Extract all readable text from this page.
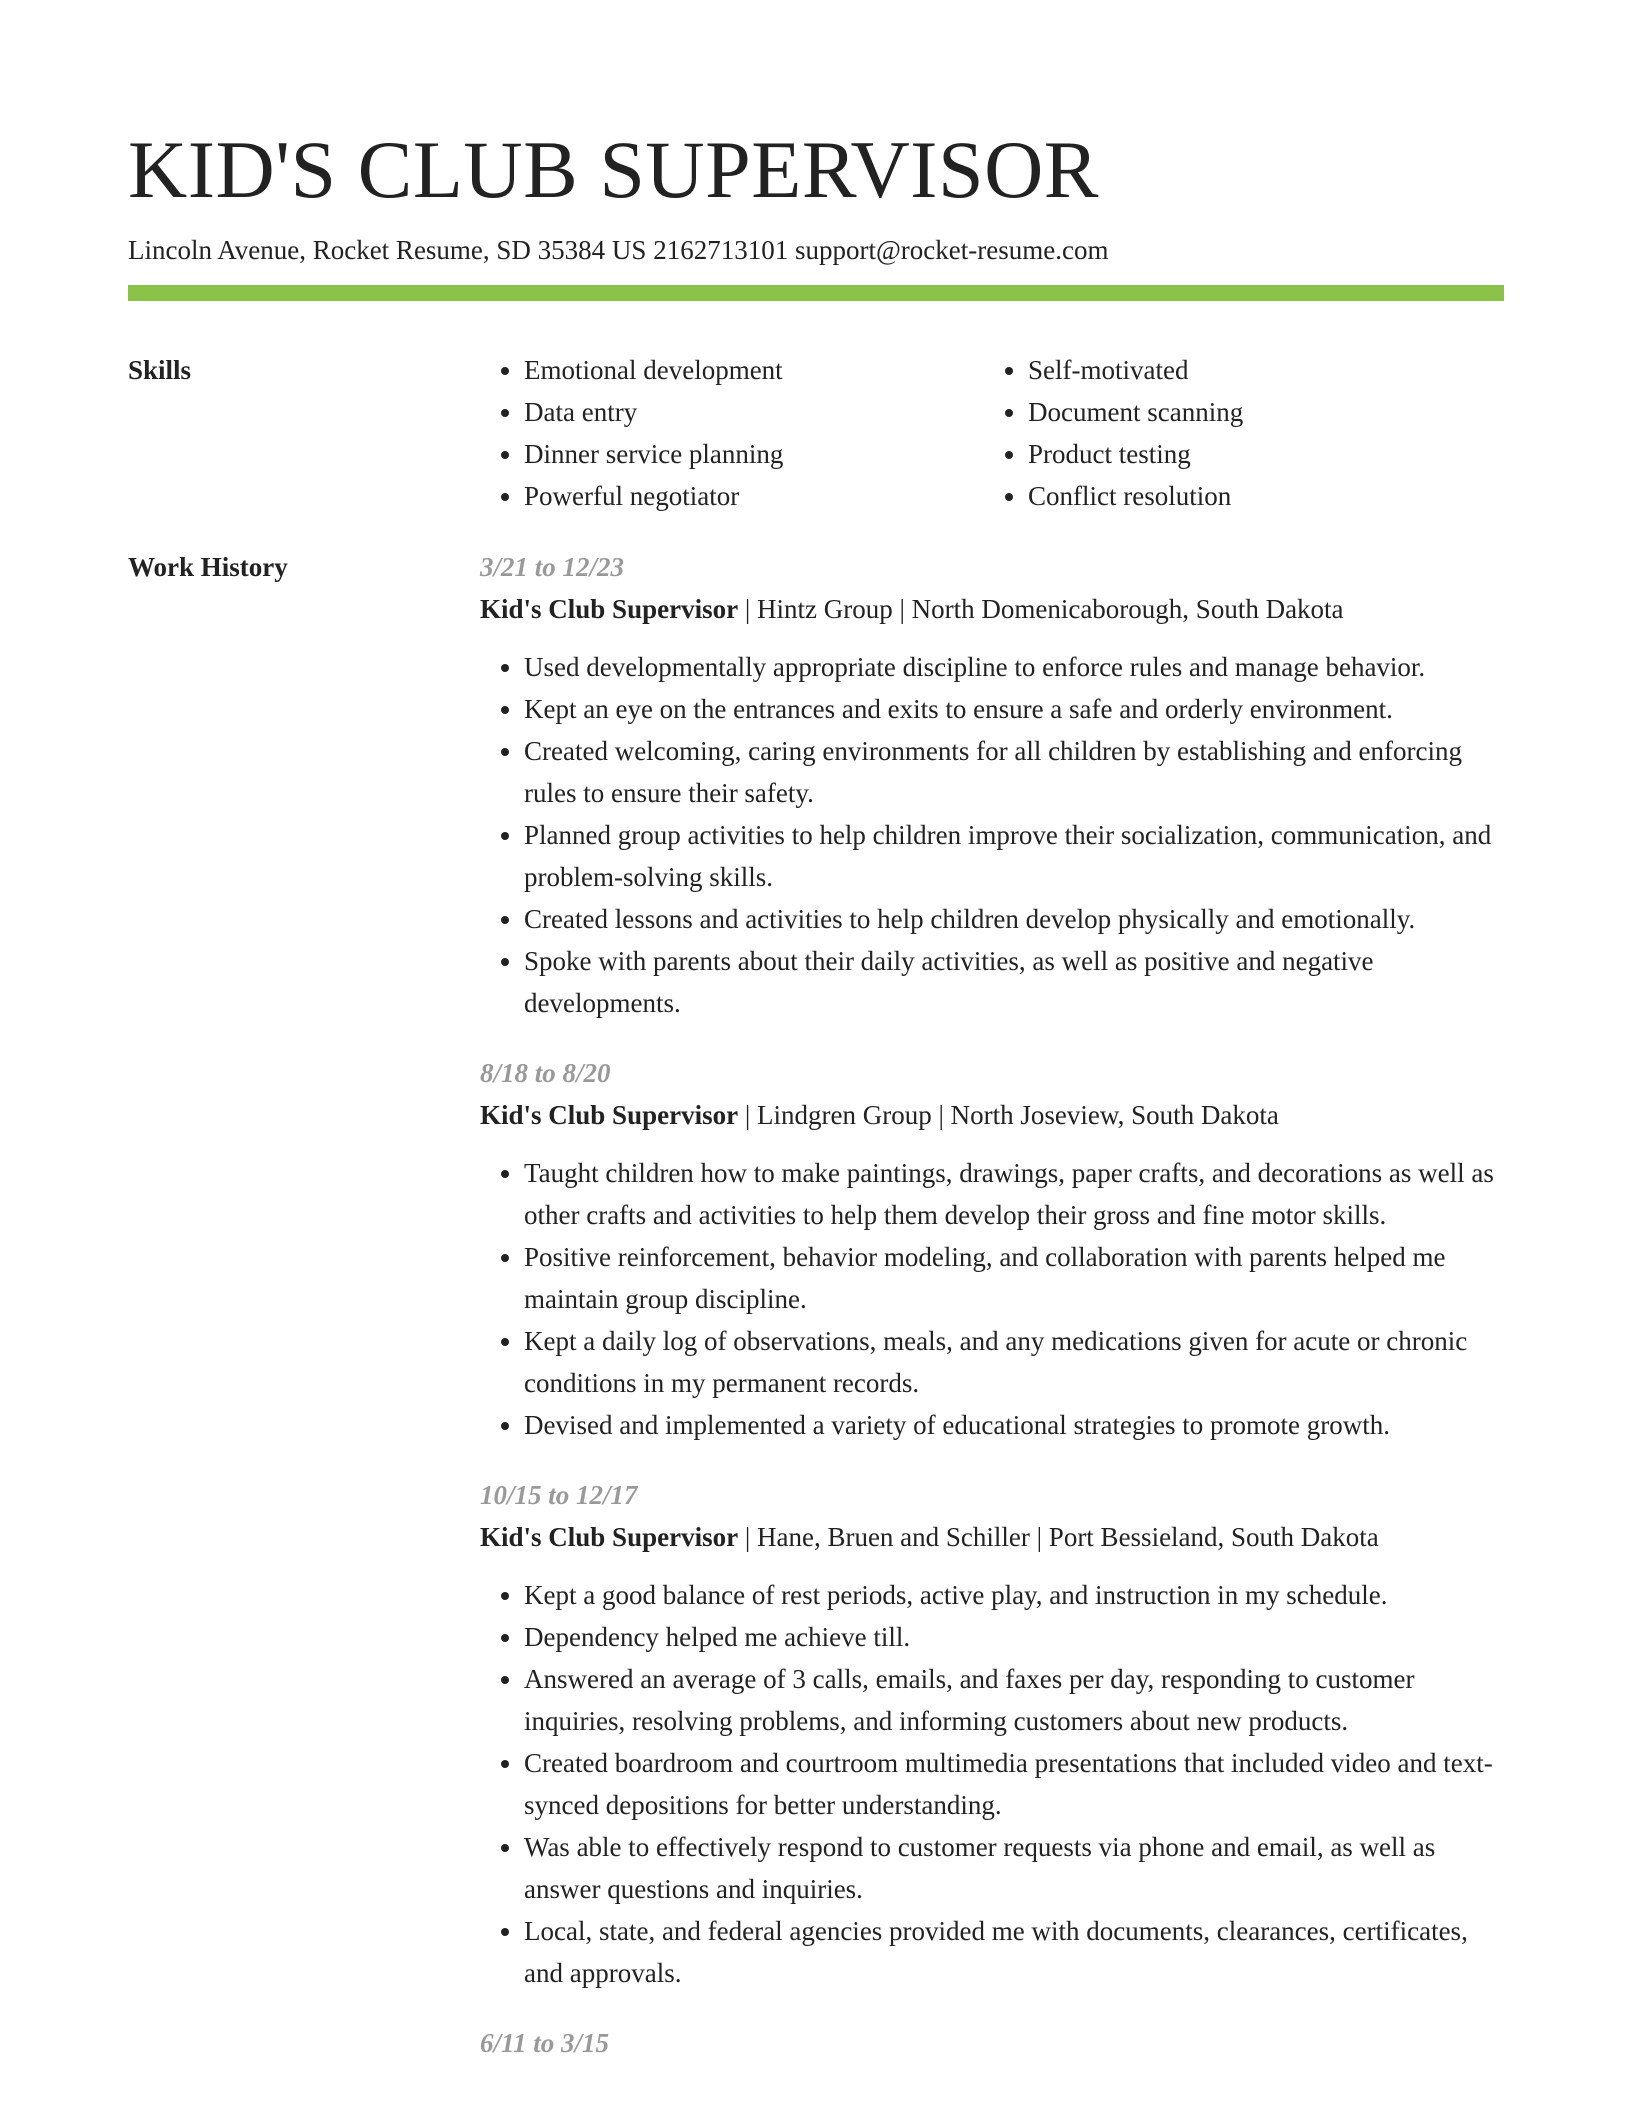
KID'S CLUB SUPERVISOR
Lincoln Avenue, Rocket Resume, SD 35384 US 2162713101 support@rocket-resume.com
Skills
•	Emotional development
• Data entry
• Dinner service planning
• Powerful negotiator
• Self-motivated
• Document scanning
• Product testing
• Conflict resolution
Work History	3/21 to 12/23
Kid's Club Supervisor | Hintz Group | North Domenicaborough, South Dakota
• Used developmentally appropriate discipline to enforce rules and manage behavior.
• Kept an eye on the entrances and exits to ensure a safe and orderly environment.
• Created welcoming, caring environments for all children by establishing and enforcing rules to ensure their safety.
• Planned group activities to help children improve their socialization, communication, and problem-solving skills.
• Created lessons and activities to help children develop physically and emotionally.
• Spoke with parents about their daily activities, as well as positive and negative developments.
8/18 to 8/20
Kid's Club Supervisor | Lindgren Group | North Joseview, South Dakota
• Taught children how to make paintings, drawings, paper crafts, and decorations as well as other crafts and activities to help them develop their gross and fine motor skills.
• Positive reinforcement, behavior modeling, and collaboration with parents helped me maintain group discipline.
• Kept a daily log of observations, meals, and any medications given for acute or chronic conditions in my permanent records.
• Devised and implemented a variety of educational strategies to promote growth.
10/15 to 12/17
Kid's Club Supervisor | Hane, Bruen and Schiller | Port Bessieland, South Dakota
• Kept a good balance of rest periods, active play, and instruction in my schedule.
• Dependency helped me achieve till.
• Answered an average of 3 calls, emails, and faxes per day, responding to customer inquiries, resolving problems, and informing customers about new products.
• Created boardroom and courtroom multimedia presentations that included video and text-synced depositions for better understanding.
• Was able to effectively respond to customer requests via phone and email, as well as answer questions and inquiries.
• Local, state, and federal agencies provided me with documents, clearances, certificates, and approvals.
6/11 to 3/15
